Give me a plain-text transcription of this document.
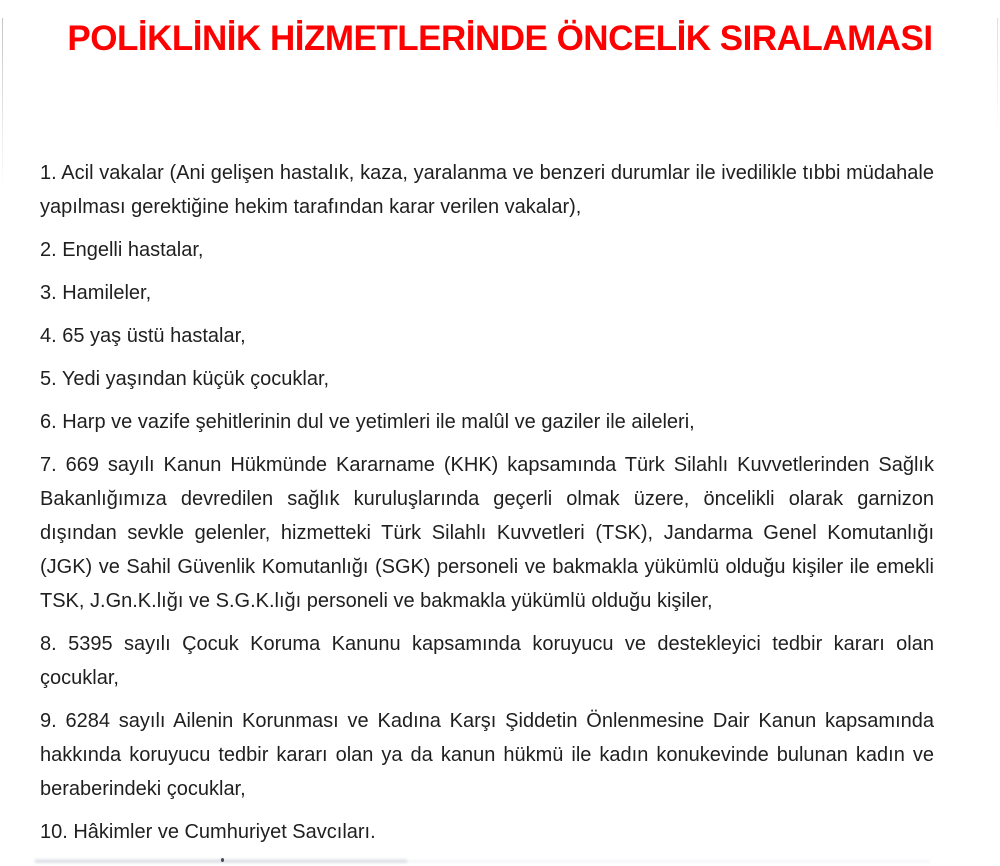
POLİKLİNİK HİZMETLERİNDE ÖNCELİK SIRALAMASI

1. Acil vakalar (Ani gelişen hastalık, kaza, yaralanma ve benzeri durumlar ile ivedilikle tıbbi müdahale yapılması gerektiğine hekim tarafından karar verilen vakalar),

2. Engelli hastalar,

3. Hamileler,

4. 65 yaş üstü hastalar,

5. Yedi yaşından küçük çocuklar,

6. Harp ve vazife şehitlerinin dul ve yetimleri ile malûl ve gaziler ile aileleri,

7. 669 sayılı Kanun Hükmünde Kararname (KHK) kapsamında Türk Silahlı Kuvvetlerinden Sağlık Bakanlığımıza devredilen sağlık kuruluşlarında geçerli olmak üzere, öncelikli olarak garnizon dışından sevkle gelenler, hizmetteki Türk Silahlı Kuvvetleri (TSK), Jandarma Genel Komutanlığı (JGK) ve Sahil Güvenlik Komutanlığı (SGK) personeli ve bakmakla yükümlü olduğu kişiler ile emekli TSK, J.Gn.K.lığı ve S.G.K.lığı personeli ve bakmakla yükümlü olduğu kişiler,

8. 5395 sayılı Çocuk Koruma Kanunu kapsamında koruyucu ve destekleyici tedbir kararı olan çocuklar,

9. 6284 sayılı Ailenin Korunması ve Kadına Karşı Şiddetin Önlenmesine Dair Kanun kapsamında hakkında koruyucu tedbir kararı olan ya da kanun hükmü ile kadın konukevinde bulunan kadın ve beraberindeki çocuklar,

10. Hâkimler ve Cumhuriyet Savcıları.
